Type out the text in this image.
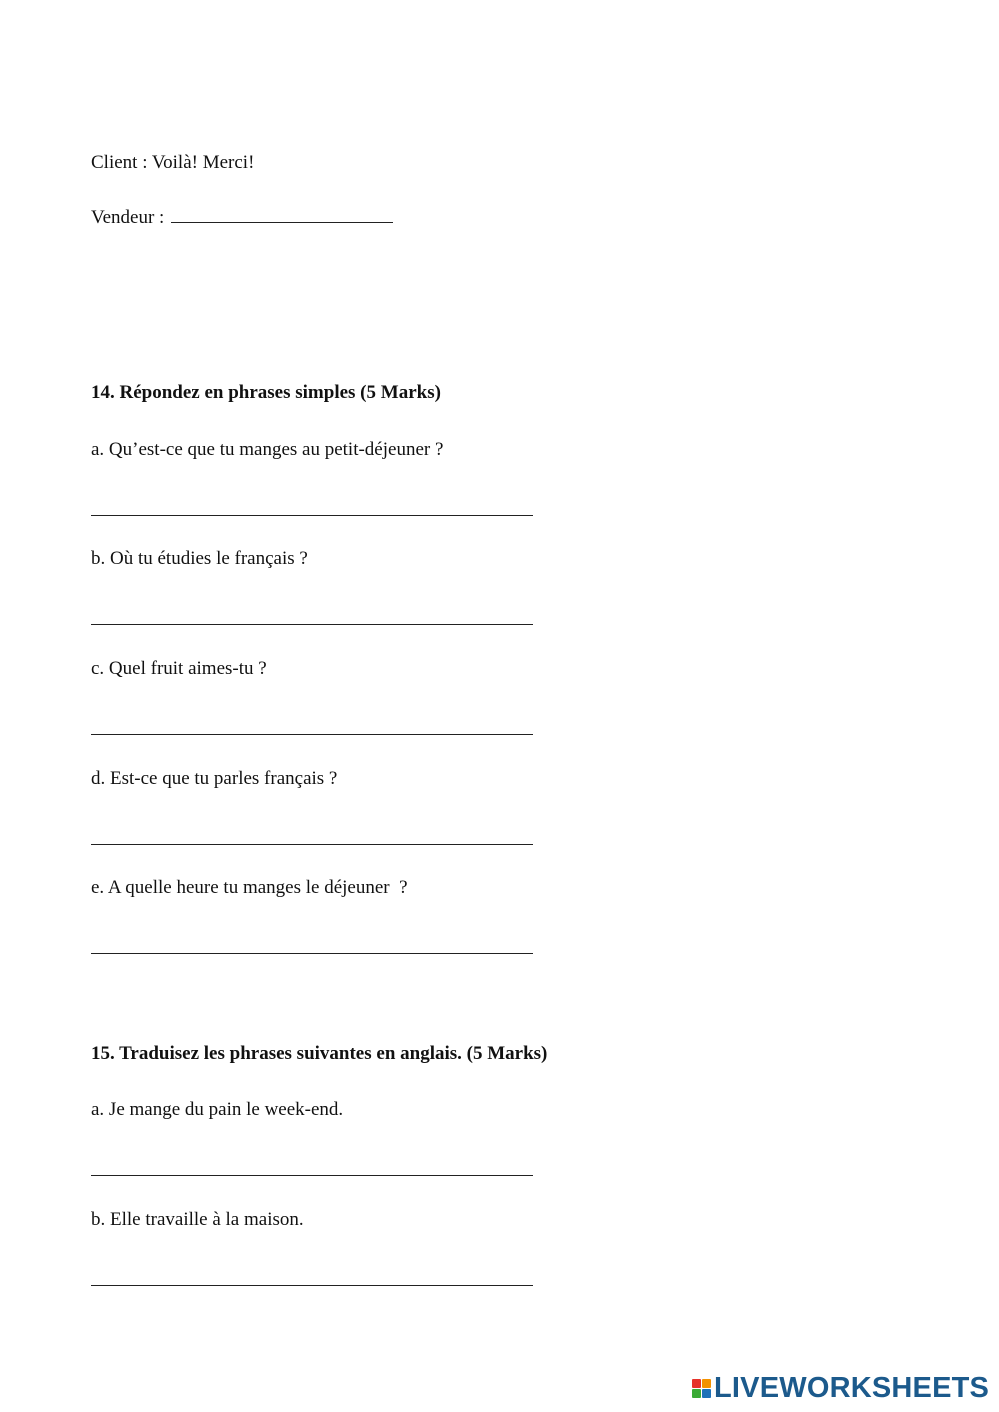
Client : Voilà! Merci!
Vendeur :
14. Répondez en phrases simples (5 Marks)
a. Qu’est-ce que tu manges au petit-déjeuner ?
b. Où tu étudies le français ?
c. Quel fruit aimes-tu ?
d. Est-ce que tu parles français ?
e. A quelle heure tu manges le déjeuner  ?
15. Traduisez les phrases suivantes en anglais. (5 Marks)
a. Je mange du pain le week-end.
b. Elle travaille à la maison.
LIVEWORKSHEETS
